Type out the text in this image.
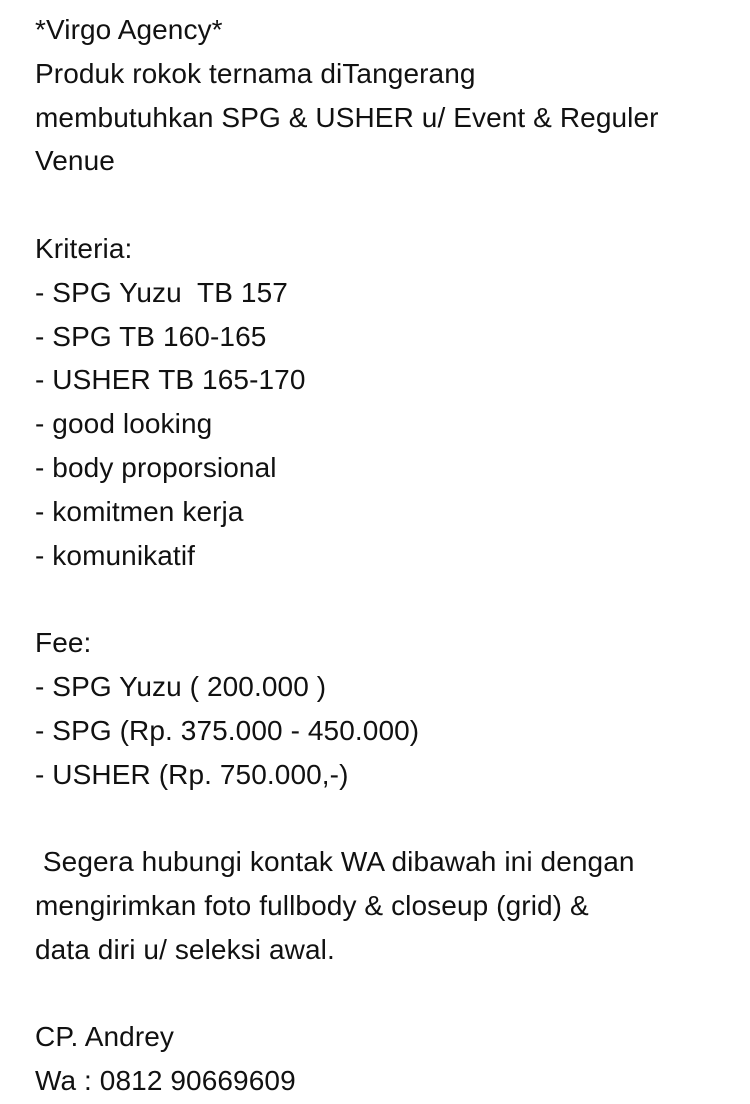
*Virgo Agency*
Produk rokok ternama diTangerang
membutuhkan SPG & USHER u/ Event & Reguler
Venue
Kriteria:
- SPG Yuzu  TB 157
- SPG TB 160-165
- USHER TB 165-170
- good looking
- body proporsional
- komitmen kerja
- komunikatif
Fee:
- SPG Yuzu ( 200.000 )
- SPG (Rp. 375.000 - 450.000)
- USHER (Rp. 750.000,-)
Segera hubungi kontak WA dibawah ini dengan
mengirimkan foto fullbody & closeup (grid) &
data diri u/ seleksi awal.
CP. Andrey
Wa : 0812 90669609
